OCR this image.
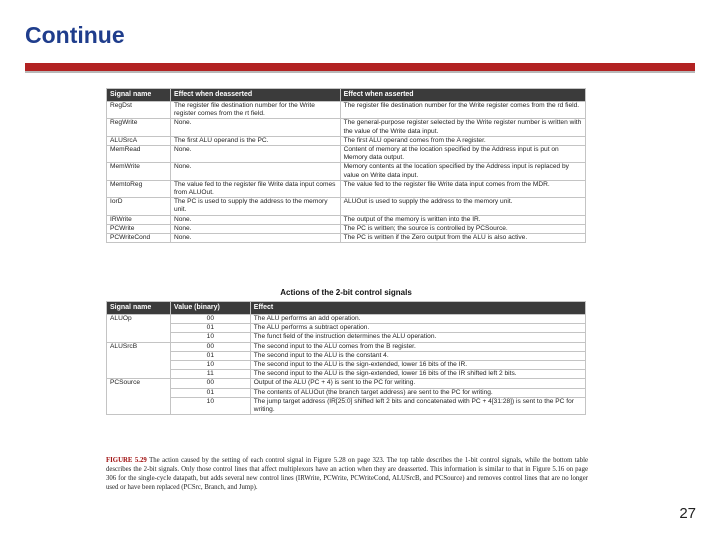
Continue
Signal name	Effect when deasserted	Effect when asserted
RegDst	The register file destination number for the Write register comes from the rt field.	The register file destination number for the Write register comes from the rd field.
RegWrite	None.	The general-purpose register selected by the Write register number is written with the value of the Write data input.
ALUSrcA	The first ALU operand is the PC.	The first ALU operand comes from the A register.
MemRead	None.	Content of memory at the location specified by the Address input is put on Memory data output.
MemWrite	None.	Memory contents at the location specified by the Address input is replaced by value on Write data input.
MemtoReg	The value fed to the register file Write data input comes from ALUOut.	The value fed to the register file Write data input comes from the MDR.
IorD	The PC is used to supply the address to the memory unit.	ALUOut is used to supply the address to the memory unit.
IRWrite	None.	The output of the memory is written into the IR.
PCWrite	None.	The PC is written; the source is controlled by PCSource.
PCWriteCond	None.	The PC is written if the Zero output from the ALU is also active.
Actions of the 2-bit control signals
Signal name	Value (binary)	Effect
ALUOp	00	The ALU performs an add operation.
	01	The ALU performs a subtract operation.
	10	The funct field of the instruction determines the ALU operation.
ALUSrcB	00	The second input to the ALU comes from the B register.
	01	The second input to the ALU is the constant 4.
	10	The second input to the ALU is the sign-extended, lower 16 bits of the IR.
	11	The second input to the ALU is the sign-extended, lower 16 bits of the IR shifted left 2 bits.
PCSource	00	Output of the ALU (PC + 4) is sent to the PC for writing.
	01	The contents of ALUOut (the branch target address) are sent to the PC for writing.
	10	The jump target address (IR[25:0] shifted left 2 bits and concatenated with PC + 4[31:28]) is sent to the PC for writing.
FIGURE 5.29 The action caused by the setting of each control signal in Figure 5.28 on page 323. The top table describes the 1-bit control signals, while the bottom table describes the 2-bit signals. Only those control lines that affect multiplexors have an action when they are deasserted. This information is similar to that in Figure 5.16 on page 306 for the single-cycle datapath, but adds several new control lines (IRWrite, PCWrite, PCWriteCond, ALUSrcB, and PCSource) and removes control lines that are no longer used or have been replaced (PCSrc, Branch, and Jump).
27
